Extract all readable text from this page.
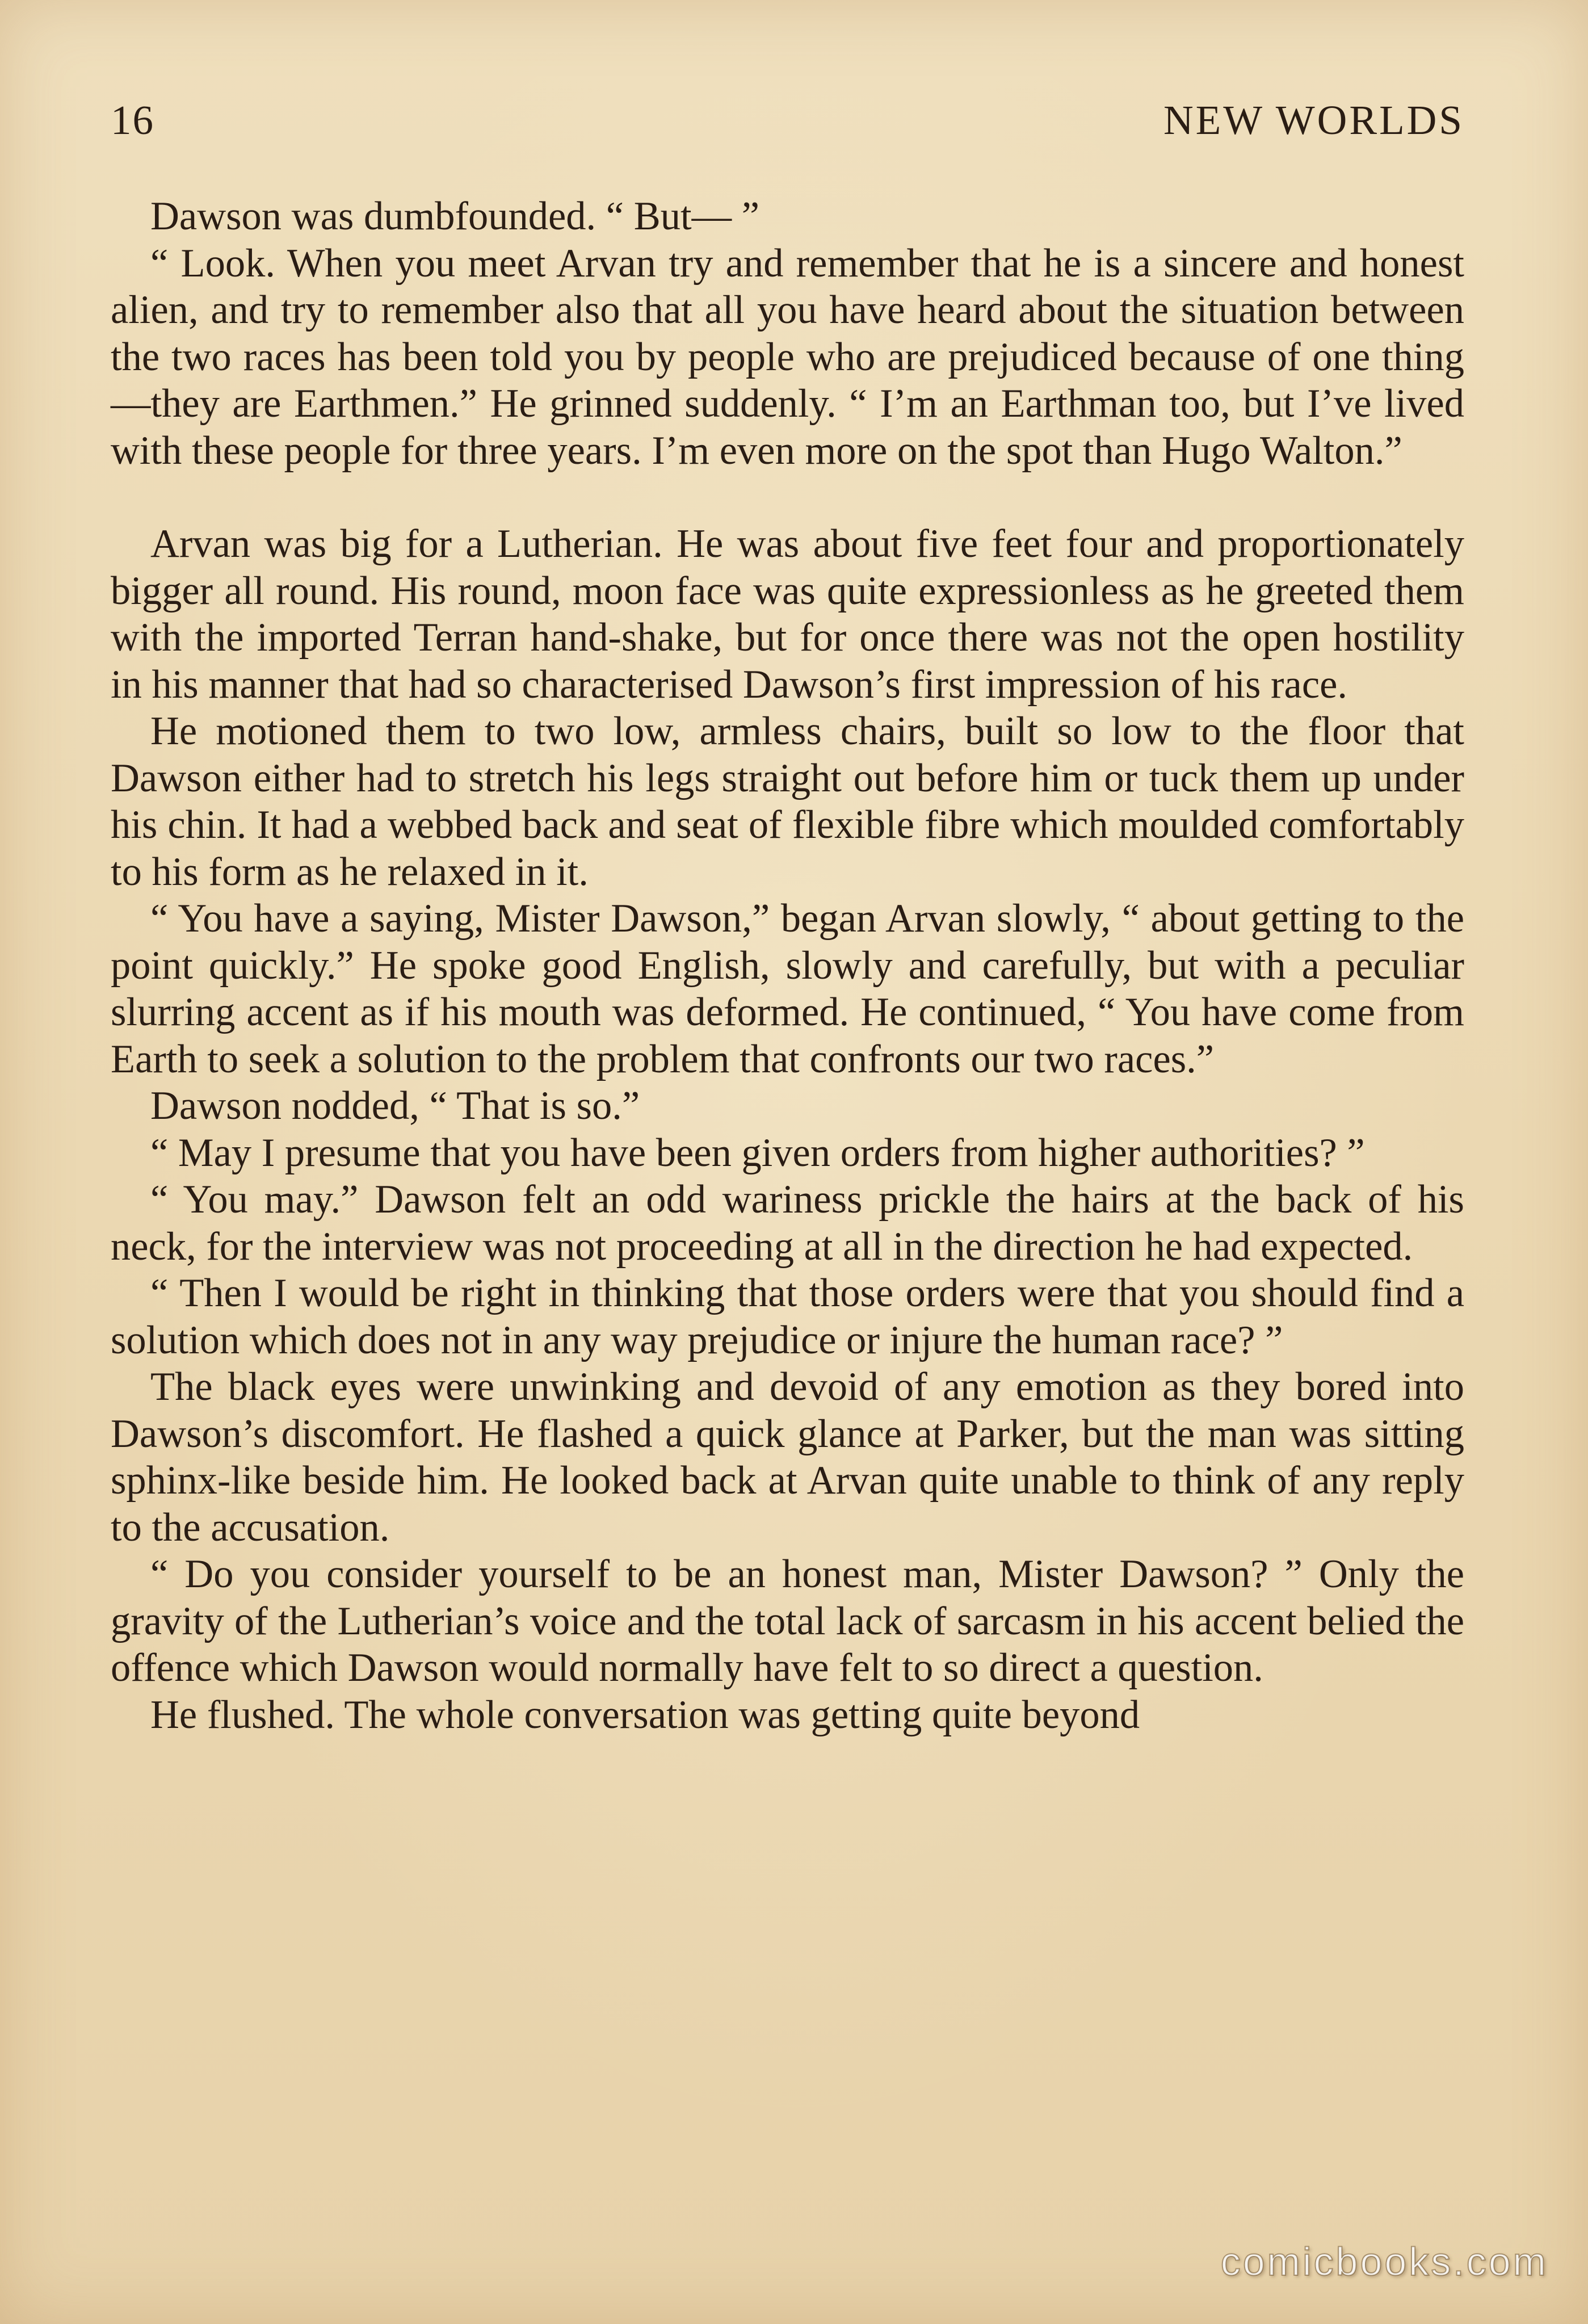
16	NEW WORLDS

Dawson was dumbfounded. “ But— ”

“ Look. When you meet Arvan try and remember that he is a sincere and honest alien, and try to remember also that all you have heard about the situation between the two races has been told you by people who are prejudiced because of one thing—they are Earthmen.” He grinned suddenly. “ I’m an Earthman too, but I’ve lived with these people for three years. I’m even more on the spot than Hugo Walton.”

Arvan was big for a Lutherian. He was about five feet four and proportionately bigger all round. His round, moon face was quite expressionless as he greeted them with the imported Terran hand-shake, but for once there was not the open hostility in his manner that had so characterised Dawson’s first impression of his race.

He motioned them to two low, armless chairs, built so low to the floor that Dawson either had to stretch his legs straight out before him or tuck them up under his chin. It had a webbed back and seat of flexible fibre which moulded comfortably to his form as he relaxed in it.

“ You have a saying, Mister Dawson,” began Arvan slowly, “ about getting to the point quickly.” He spoke good English, slowly and carefully, but with a peculiar slurring accent as if his mouth was deformed. He continued, “ You have come from Earth to seek a solution to the problem that confronts our two races.”

Dawson nodded, “ That is so.”

“ May I presume that you have been given orders from higher authorities? ”

“ You may.” Dawson felt an odd wariness prickle the hairs at the back of his neck, for the interview was not proceeding at all in the direction he had expected.

“ Then I would be right in thinking that those orders were that you should find a solution which does not in any way prejudice or injure the human race? ”

The black eyes were unwinking and devoid of any emotion as they bored into Dawson’s discomfort. He flashed a quick glance at Parker, but the man was sitting sphinx-like beside him. He looked back at Arvan quite unable to think of any reply to the accusation.

“ Do you consider yourself to be an honest man, Mister Dawson? ” Only the gravity of the Lutherian’s voice and the total lack of sarcasm in his accent belied the offence which Dawson would normally have felt to so direct a question.

He flushed. The whole conversation was getting quite beyond

comicbooks.com
